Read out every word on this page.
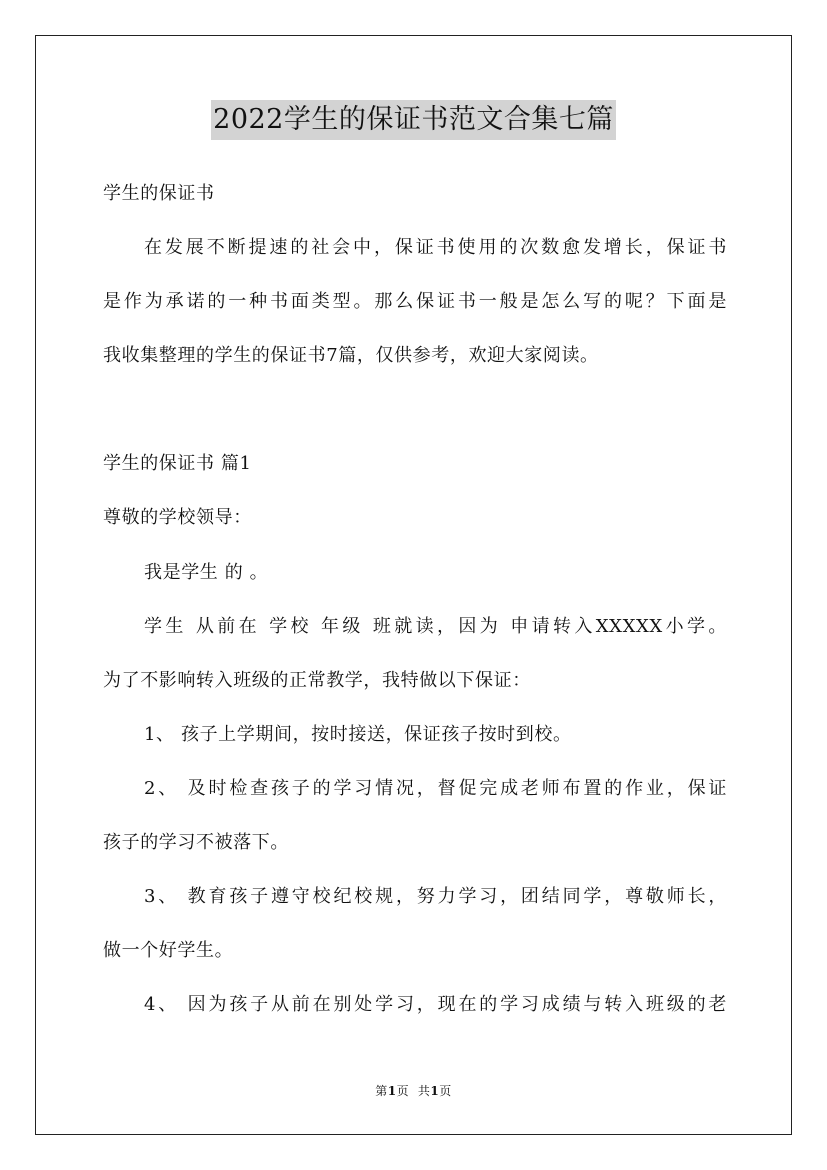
2022学生的保证书范文合集七篇
学生的保证书
在发展不断提速的社会中，保证书使用的次数愈发增长，保证书
是作为承诺的一种书面类型。那么保证书一般是怎么写的呢？下面是
我收集整理的学生的保证书7篇，仅供参考，欢迎大家阅读。
学生的保证书 篇1
尊敬的学校领导：
我是学生 的 。
学生 从前在 学校 年级 班就读，因为 申请转入XXXXX小学。
为了不影响转入班级的正常教学，我特做以下保证：
1、 孩子上学期间，按时接送，保证孩子按时到校。
2、 及时检查孩子的学习情况，督促完成老师布置的作业，保证
孩子的学习不被落下。
3、 教育孩子遵守校纪校规，努力学习，团结同学，尊敬师长，
做一个好学生。
4、 因为孩子从前在别处学习，现在的学习成绩与转入班级的老
第1页 共1页
